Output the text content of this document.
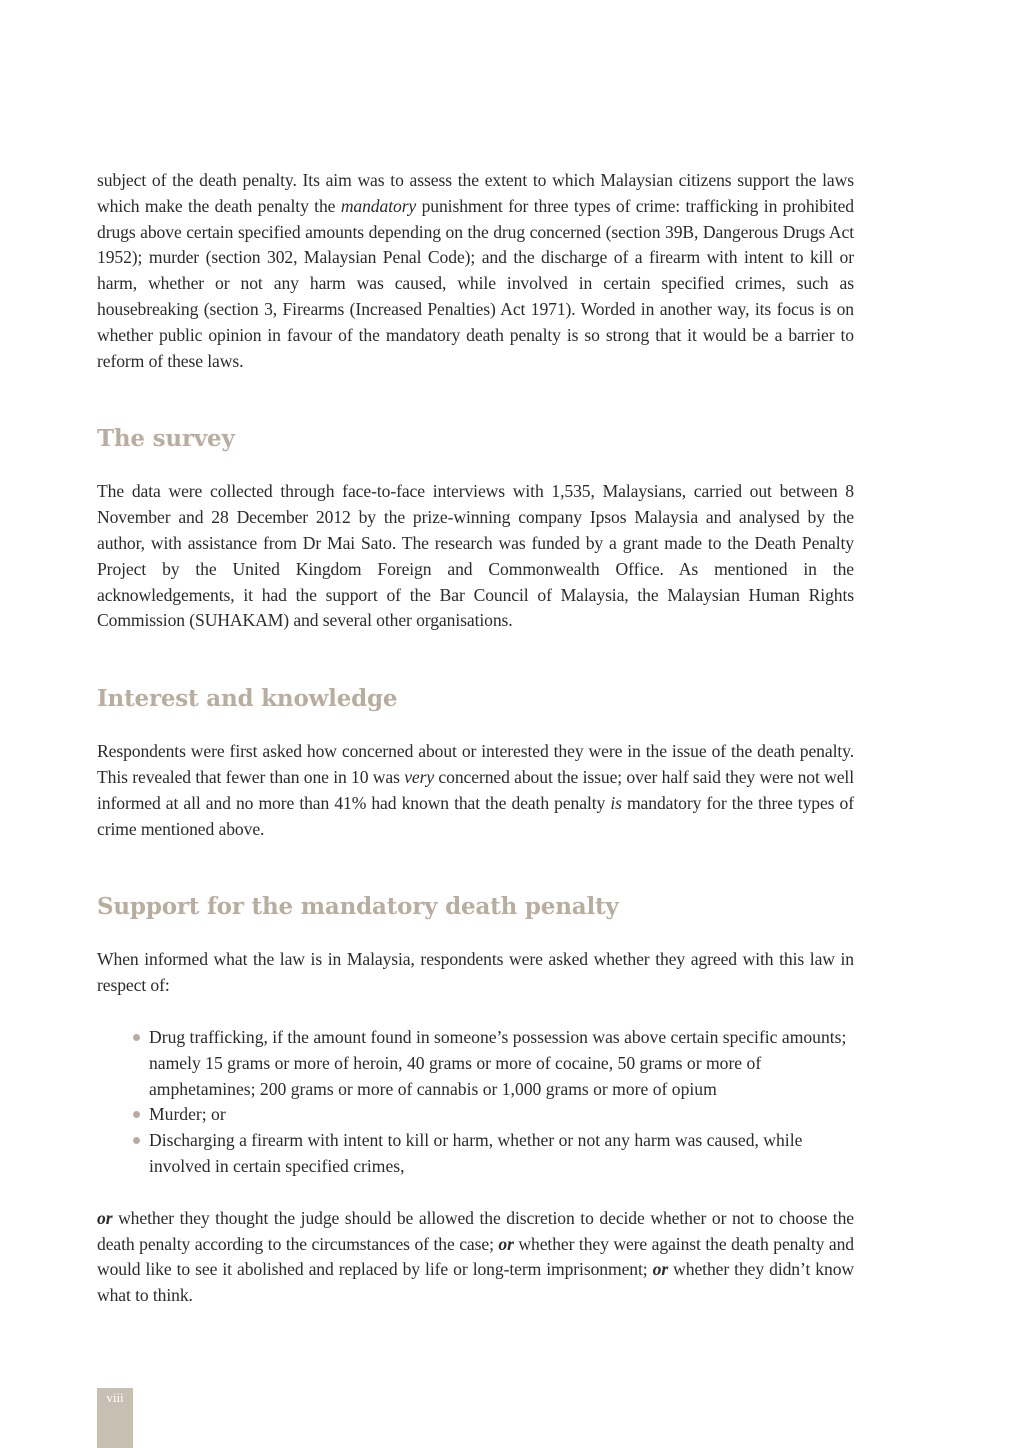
subject of the death penalty. Its aim was to assess the extent to which Malaysian citizens support the laws which make the death penalty the mandatory punishment for three types of crime: trafficking in prohibited drugs above certain specified amounts depending on the drug concerned (section 39B, Dangerous Drugs Act 1952); murder (section 302, Malaysian Penal Code); and the discharge of a firearm with intent to kill or harm, whether or not any harm was caused, while involved in certain specified crimes, such as housebreaking (section 3, Firearms (Increased Penalties) Act 1971). Worded in another way, its focus is on whether public opinion in favour of the mandatory death penalty is so strong that it would be a barrier to reform of these laws.

The survey

The data were collected through face-to-face interviews with 1,535, Malaysians, carried out between 8 November and 28 December 2012 by the prize-winning company Ipsos Malaysia and analysed by the author, with assistance from Dr Mai Sato. The research was funded by a grant made to the Death Penalty Project by the United Kingdom Foreign and Commonwealth Office. As mentioned in the acknowledgements, it had the support of the Bar Council of Malaysia, the Malaysian Human Rights Commission (SUHAKAM) and several other organisations.

Interest and knowledge

Respondents were first asked how concerned about or interested they were in the issue of the death penalty. This revealed that fewer than one in 10 was very concerned about the issue; over half said they were not well informed at all and no more than 41% had known that the death penalty is mandatory for the three types of crime mentioned above.

Support for the mandatory death penalty

When informed what the law is in Malaysia, respondents were asked whether they agreed with this law in respect of:

Drug trafficking, if the amount found in someone’s possession was above certain specific amounts; namely 15 grams or more of heroin, 40 grams or more of cocaine, 50 grams or more of amphetamines; 200 grams or more of cannabis or 1,000 grams or more of opium
Murder; or
Discharging a firearm with intent to kill or harm, whether or not any harm was caused, while involved in certain specified crimes,

or whether they thought the judge should be allowed the discretion to decide whether or not to choose the death penalty according to the circumstances of the case; or whether they were against the death penalty and would like to see it abolished and replaced by life or long-term imprisonment; or whether they didn’t know what to think.

viii
